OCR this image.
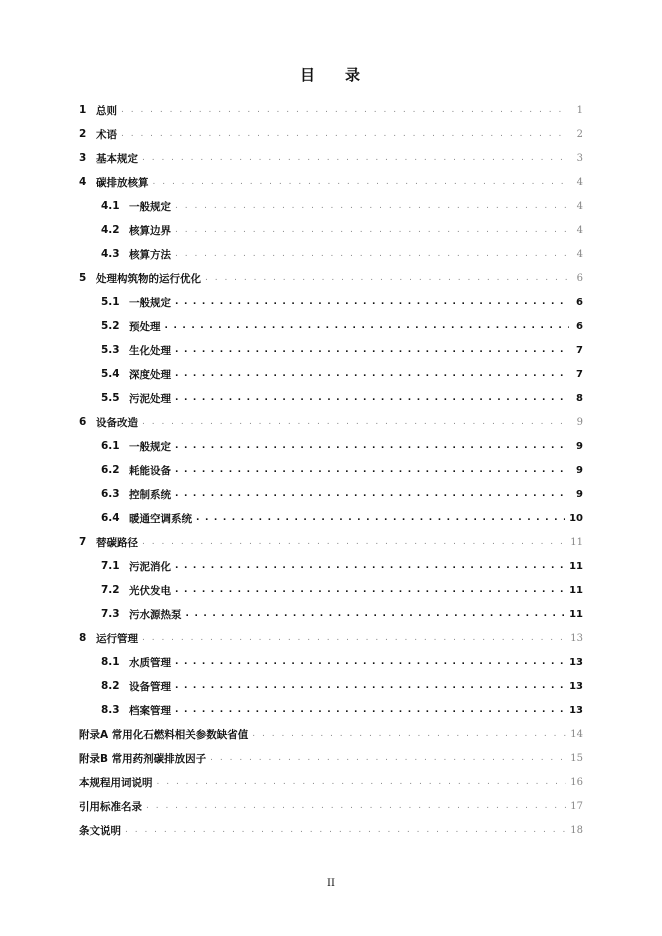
目 录
1 总则 . . .	1
2 术语 . . .	2
3 基本规定 . . .	3
4 碳排放核算 . . .	4
4.1 一般规定 . . .	4
4.2 核算边界 . . .	4
4.3 核算方法 . . .	4
5 处理构筑物的运行优化 . . .	6
5.1 一般规定 . . .	6
5.2 预处理 . . .	6
5.3 生化处理 . . .	7
5.4 深度处理 . . .	7
5.5 污泥处理 . . .	8
6 设备改造 . . .	9
6.1 一般规定 . . .	9
6.2 耗能设备 . . .	9
6.3 控制系统 . . .	9
6.4 暖通空调系统 . . .	10
7 替碳路径 . . .	11
7.1 污泥消化 . . .	11
7.2 光伏发电 . . .	11
7.3 污水源热泵 . . .	11
8 运行管理 . . .	13
8.1 水质管理 . . .	13
8.2 设备管理 . . .	13
8.3 档案管理 . . .	13
附录A 常用化石燃料相关参数缺省值 . . .	14
附录B 常用药剂碳排放因子 . . .	15
本规程用词说明 . . .	16
引用标准名录 . . .	17
条文说明 . . .	18
II
